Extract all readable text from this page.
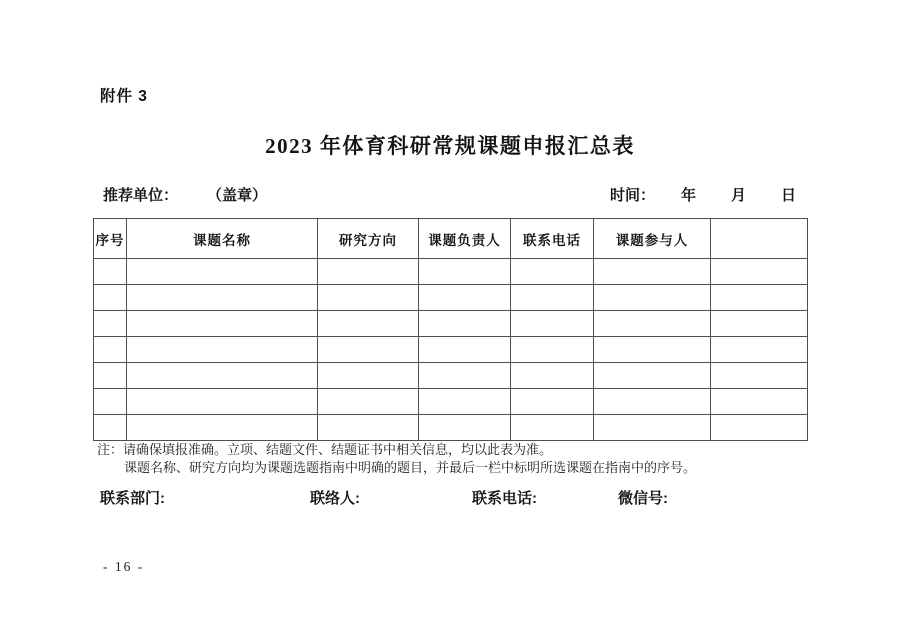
附件 3
2023 年体育科研常规课题申报汇总表
推荐单位： （盖章）	时间： 年 月 日
序号	课题名称	研究方向	课题负责人	联系电话	课题参与人	

注：请确保填报准确。立项、结题文件、结题证书中相关信息，均以此表为准。
课题名称、研究方向均为课题选题指南中明确的题目，并最后一栏中标明所选课题在指南中的序号。
联系部门:	联络人:	联系电话:	微信号:
- 16 -
